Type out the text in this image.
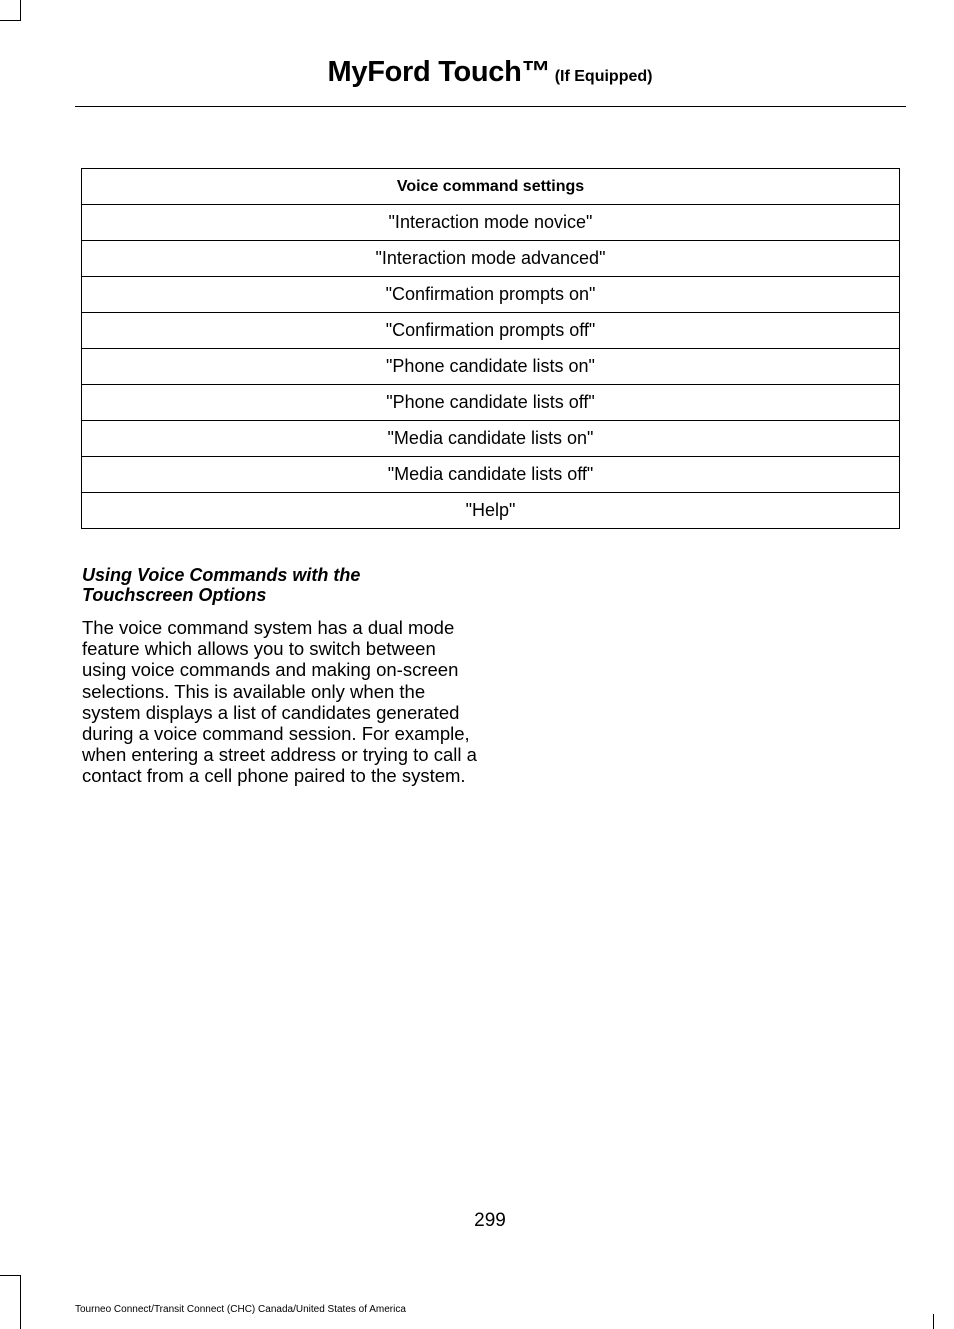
MyFord Touch™ (If Equipped)
Voice command settings
"Interaction mode novice"
"Interaction mode advanced"
"Confirmation prompts on"
"Confirmation prompts off"
"Phone candidate lists on"
"Phone candidate lists off"
"Media candidate lists on"
"Media candidate lists off"
"Help"
Using Voice Commands with the
Touchscreen Options
The voice command system has a dual mode feature which allows you to switch between using voice commands and making on-screen selections. This is available only when the system displays a list of candidates generated during a voice command session. For example, when entering a street address or trying to call a contact from a cell phone paired to the system.
299
Tourneo Connect/Transit Connect (CHC) Canada/United States of America
